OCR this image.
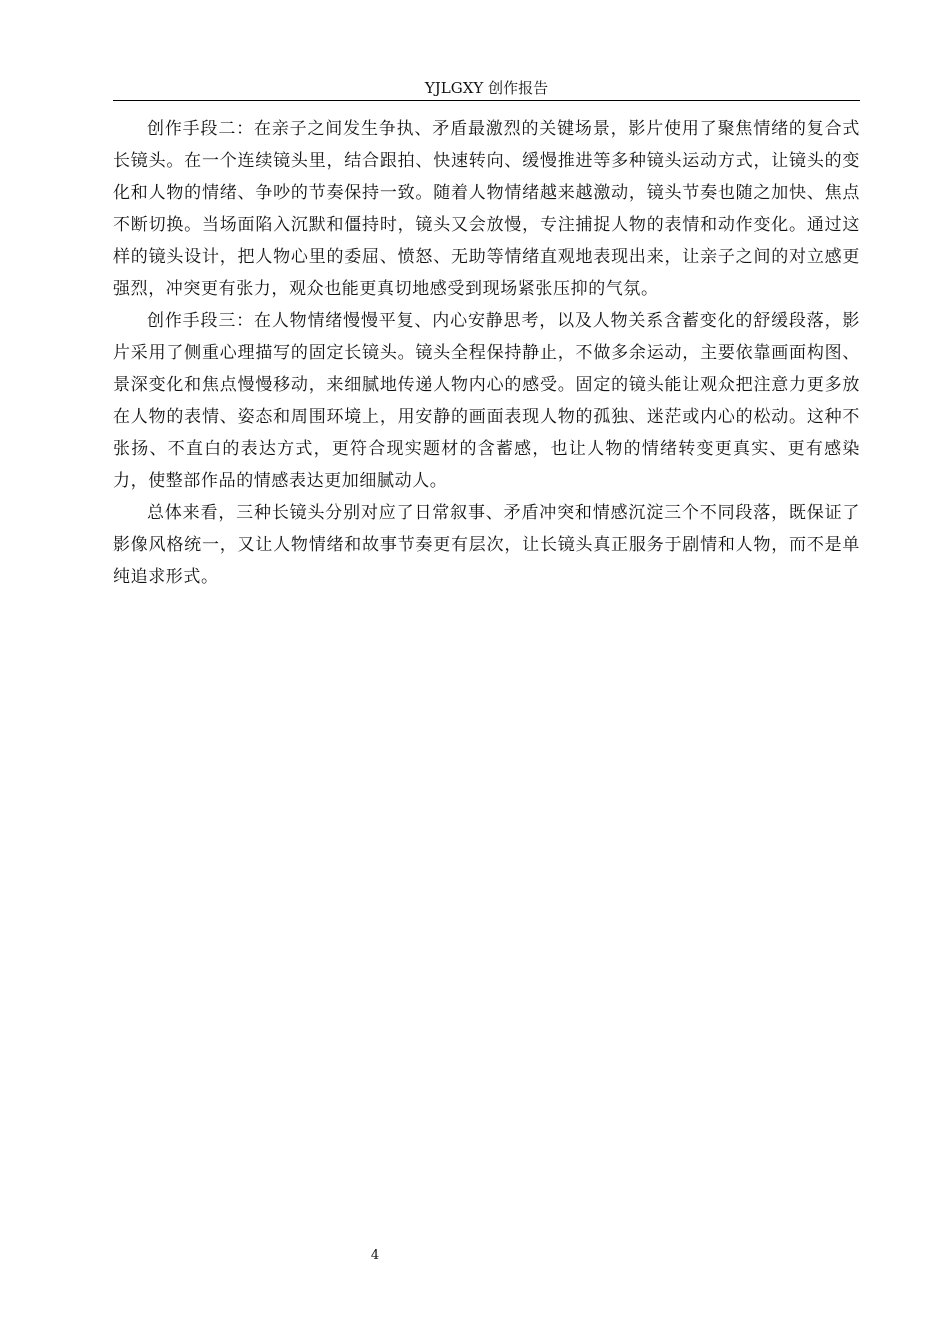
YJLGXY 创作报告

创作手段二：在亲子之间发生争执、矛盾最激烈的关键场景，影片使用了聚焦情绪的复合式长镜头。在一个连续镜头里，结合跟拍、快速转向、缓慢推进等多种镜头运动方式，让镜头的变化和人物的情绪、争吵的节奏保持一致。随着人物情绪越来越激动，镜头节奏也随之加快、焦点不断切换。当场面陷入沉默和僵持时，镜头又会放慢，专注捕捉人物的表情和动作变化。通过这样的镜头设计，把人物心里的委屈、愤怒、无助等情绪直观地表现出来，让亲子之间的对立感更强烈，冲突更有张力，观众也能更真切地感受到现场紧张压抑的气氛。

创作手段三：在人物情绪慢慢平复、内心安静思考，以及人物关系含蓄变化的舒缓段落，影片采用了侧重心理描写的固定长镜头。镜头全程保持静止，不做多余运动，主要依靠画面构图、景深变化和焦点慢慢移动，来细腻地传递人物内心的感受。固定的镜头能让观众把注意力更多放在人物的表情、姿态和周围环境上，用安静的画面表现人物的孤独、迷茫或内心的松动。这种不张扬、不直白的表达方式，更符合现实题材的含蓄感，也让人物的情绪转变更真实、更有感染力，使整部作品的情感表达更加细腻动人。

总体来看，三种长镜头分别对应了日常叙事、矛盾冲突和情感沉淀三个不同段落，既保证了影像风格统一，又让人物情绪和故事节奏更有层次，让长镜头真正服务于剧情和人物，而不是单纯追求形式。

4
